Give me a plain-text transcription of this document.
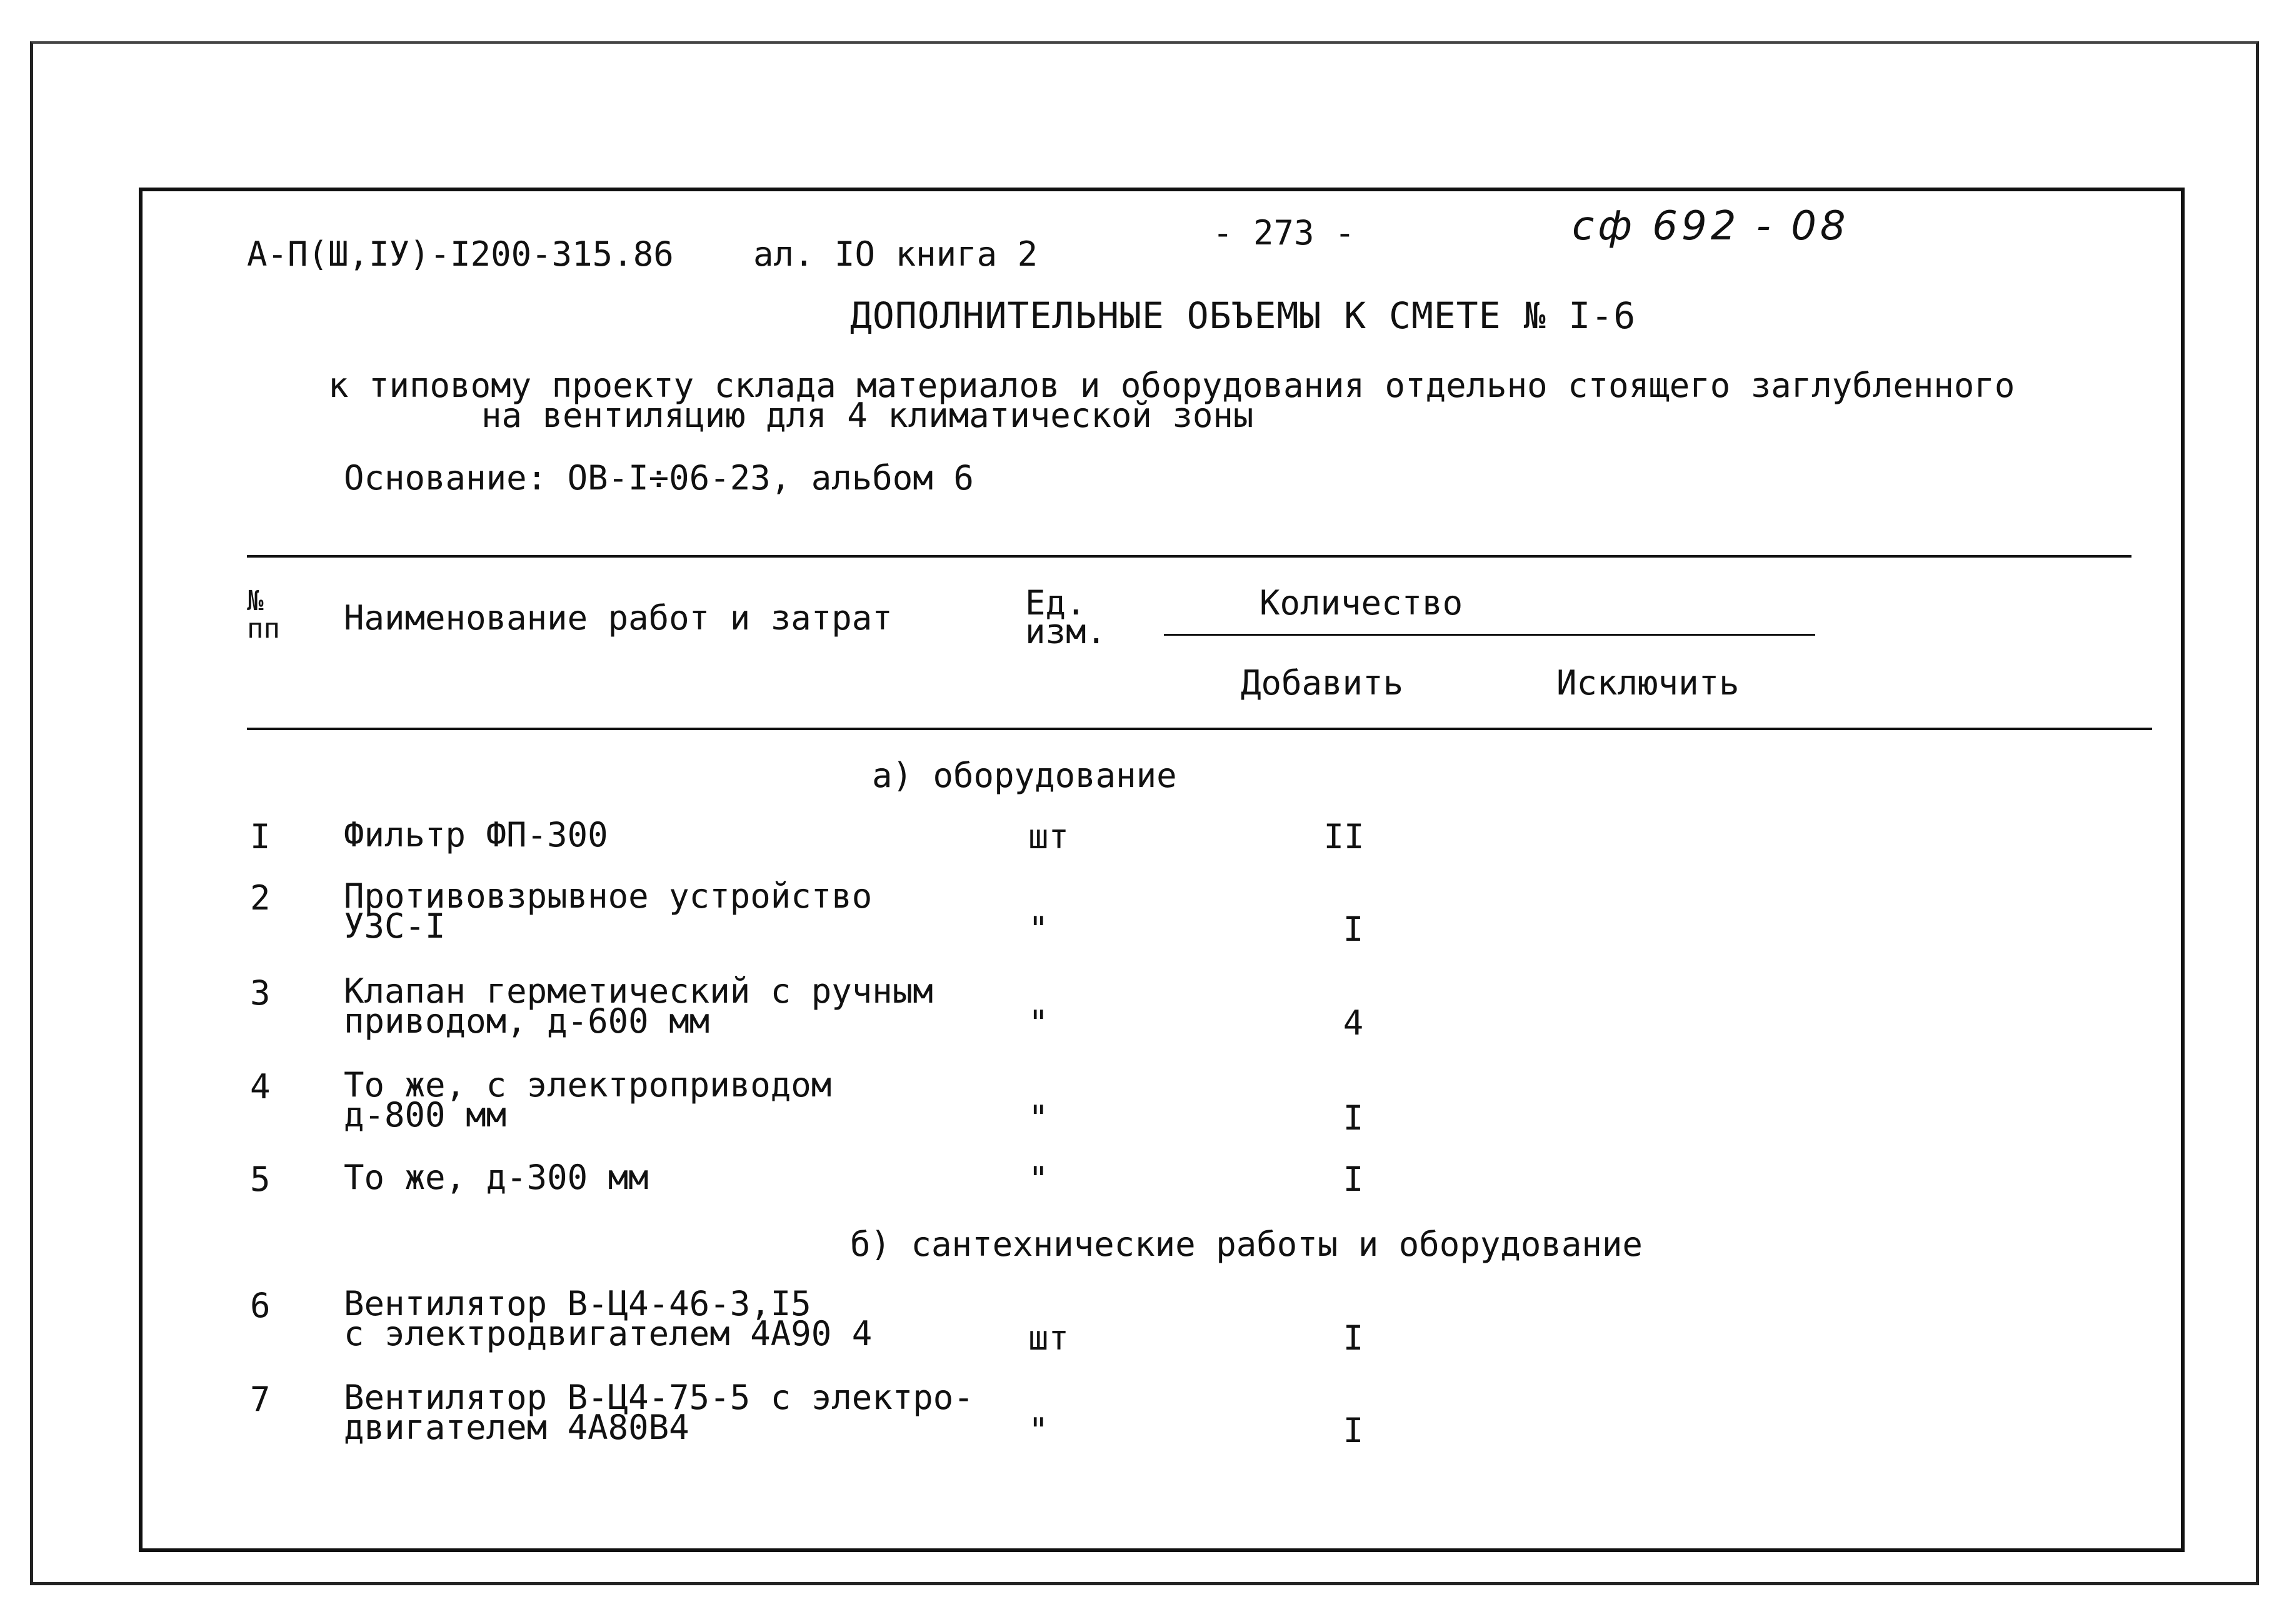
А-П(Ш,IУ)-I200-315.86 ал. IO книга 2
- 273 -	сф 692 - 08
ДОПОЛНИТЕЛЬНЫЕ ОБЪЕМЫ К СМЕТЕ № I-6
к типовому проекту склада материалов и оборудования отдельно стоящего заглубленного
на вентиляцию для 4 климатической зоны
Основание: ОВ-I÷06-23, альбом 6
№
пп Наименование работ и затрат	Ед.
изм.
Количество
Добавить	Исключить
а) оборудование
I Фильтр ФП-300	шт	II
2 Противовзрывное устройство
УЗС-I	"	I
3 Клапан герметический с ручным
приводом, д-600 мм	"	4
4 То же, с электроприводом
д-800 мм	"	I
5 То же, д-300 мм	"	I
б) сантехнические работы и оборудование
6 Вентилятор В-Ц4-46-3,I5
с электродвигателем 4А90 4	шт	I
7 Вентилятор В-Ц4-75-5 с электро-
двигателем 4А80В4	"	I
